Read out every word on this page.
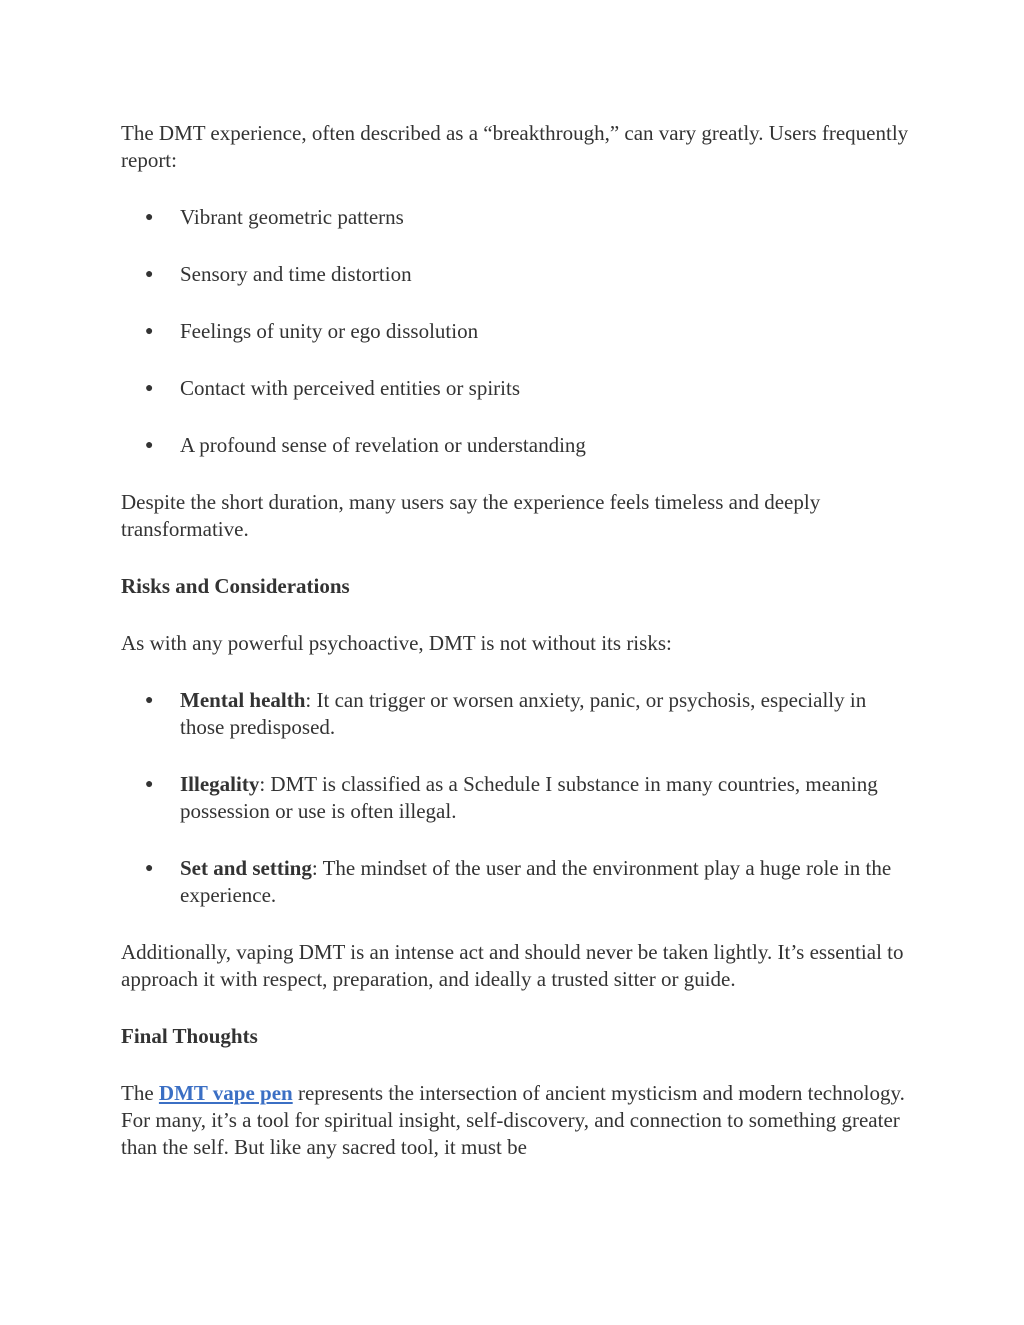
The DMT experience, often described as a “breakthrough,” can vary greatly. Users frequently report:

● Vibrant geometric patterns
● Sensory and time distortion
● Feelings of unity or ego dissolution
● Contact with perceived entities or spirits
● A profound sense of revelation or understanding

Despite the short duration, many users say the experience feels timeless and deeply transformative.

Risks and Considerations

As with any powerful psychoactive, DMT is not without its risks:

● Mental health: It can trigger or worsen anxiety, panic, or psychosis, especially in those predisposed.
● Illegality: DMT is classified as a Schedule I substance in many countries, meaning possession or use is often illegal.
● Set and setting: The mindset of the user and the environment play a huge role in the experience.

Additionally, vaping DMT is an intense act and should never be taken lightly. It’s essential to approach it with respect, preparation, and ideally a trusted sitter or guide.

Final Thoughts

The DMT vape pen represents the intersection of ancient mysticism and modern technology. For many, it’s a tool for spiritual insight, self-discovery, and connection to something greater than the self. But like any sacred tool, it must be
